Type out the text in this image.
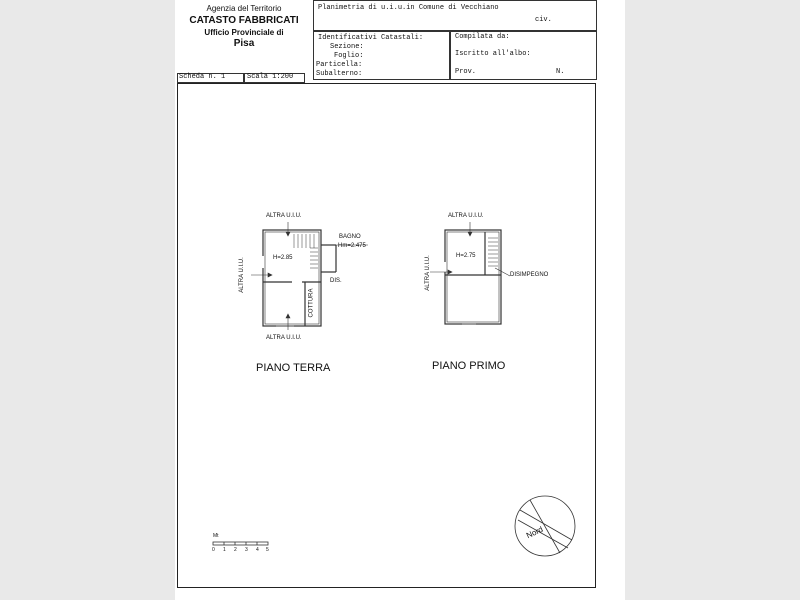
Agenzia del Territorio
CATASTO FABBRICATI
Ufficio Provinciale di
Pisa
Planimetria di u.i.u.in Comune di Vecchiano
civ.
Identificativi Catastali:
Sezione:
Foglio:
Particella:
Subalterno:
Compilata da:
Iscritto all'albo:
Prov.	N.
Scheda n. 1	Scala 1:200
ALTRA U.I.U.
ALTRA U.I.U.
ALTRA U.I.U.
BAGNO
Hm=2.475
H=2.85
DIS.
COTTURA
PIANO TERRA
ALTRA U.I.U.
ALTRA U.I.U.	H=2.75
DISIMPEGNO
PIANO PRIMO
Mt
0 1 2 3 4 5
Nord
